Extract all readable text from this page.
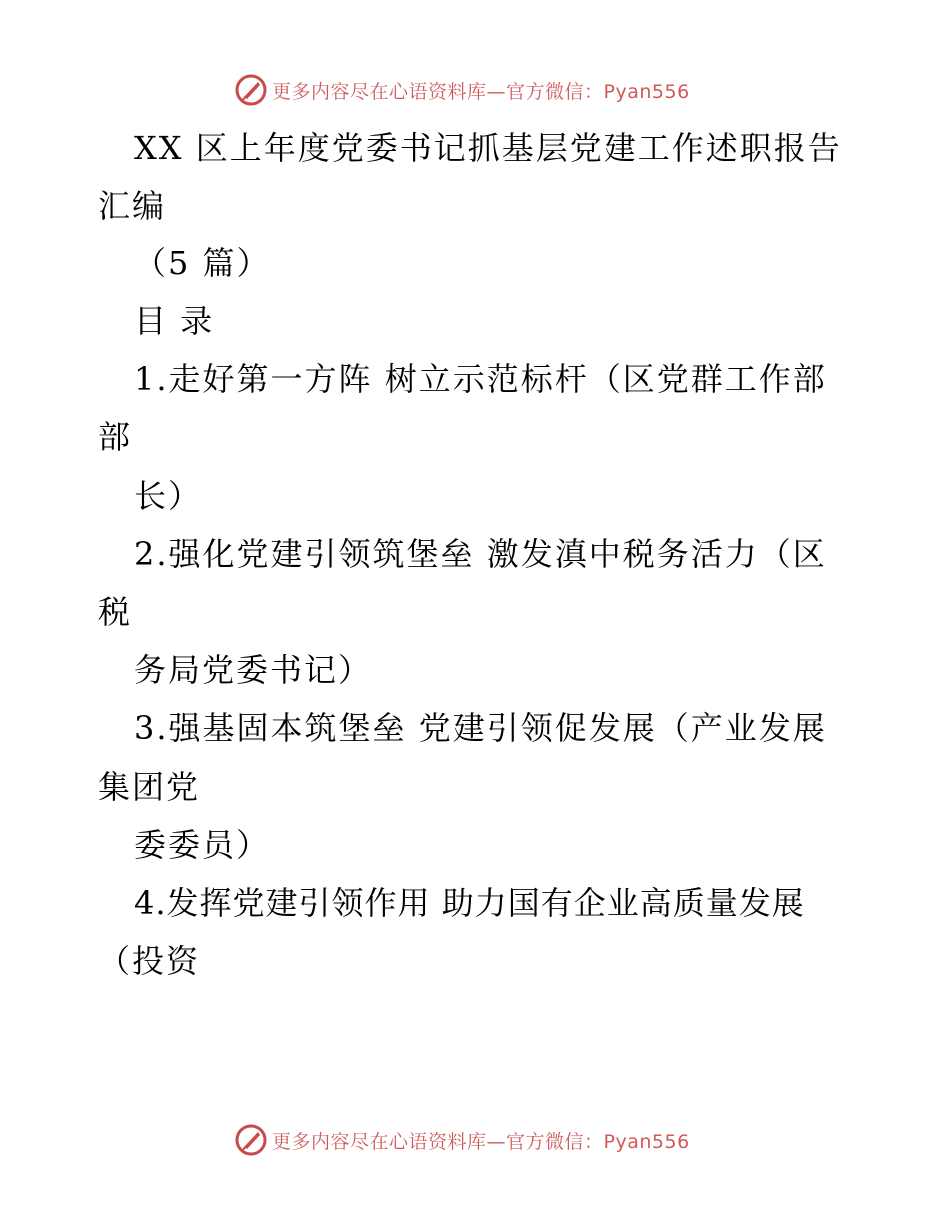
更多内容尽在心语资料库—官方微信：Pyan556
XX 区上年度党委书记抓基层党建工作述职报告
汇编
（5 篇）
目 录
1.走好第一方阵 树立示范标杆（区党群工作部
部
长）
2.强化党建引领筑堡垒 激发滇中税务活力（区
税
务局党委书记）
3.强基固本筑堡垒 党建引领促发展（产业发展
集团党
委委员）
4.发挥党建引领作用 助力国有企业高质量发展
（投资
更多内容尽在心语资料库—官方微信：Pyan556
